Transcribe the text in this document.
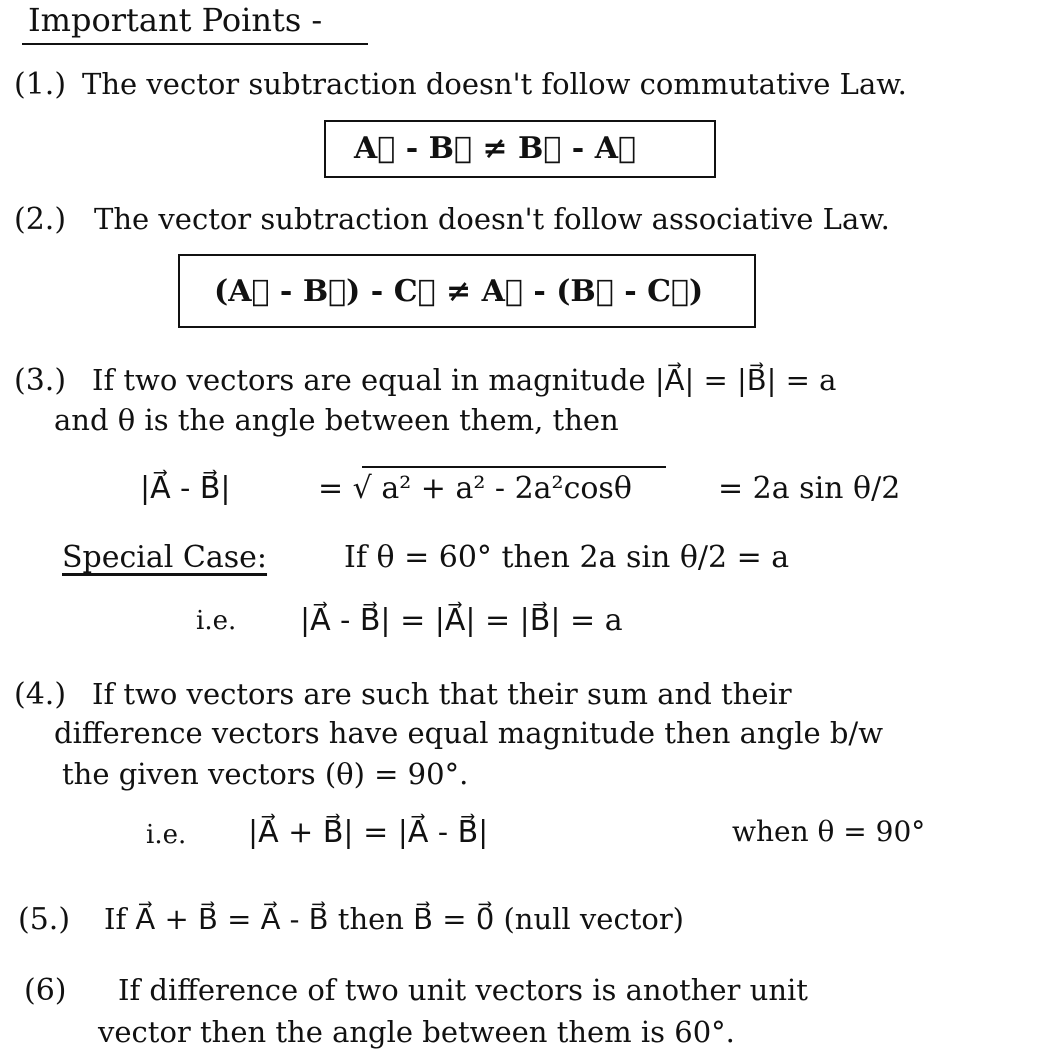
Important Points -
(1.) The vector subtraction doesn't follow commutative Law.
A⃗ - B⃗ ≠ B⃗ - A⃗
(2.) The vector subtraction doesn't follow associative Law.
(A⃗ - B⃗) - C⃗ ≠ A⃗ - (B⃗ - C⃗)
(3.) If two vectors are equal in magnitude |A⃗| = |B⃗| = a
and θ is the angle between them, then
|A⃗ - B⃗|	= √ a² + a² - 2a²cosθ	= 2a sin θ/2
Special Case:	If θ = 60° then 2a sin θ/2 = a
i.e. |A⃗ - B⃗| = |A⃗| = |B⃗| = a
(4.) If two vectors are such that their sum and their
difference vectors have equal magnitude then angle b/w
the given vectors (θ) = 90°.
i.e. |A⃗ + B⃗| = |A⃗ - B⃗|	when θ = 90°
(5.) If A⃗ + B⃗ = A⃗ - B⃗ then B⃗ = 0⃗ (null vector)
(6) If difference of two unit vectors is another unit
vector then the angle between them is 60°.
